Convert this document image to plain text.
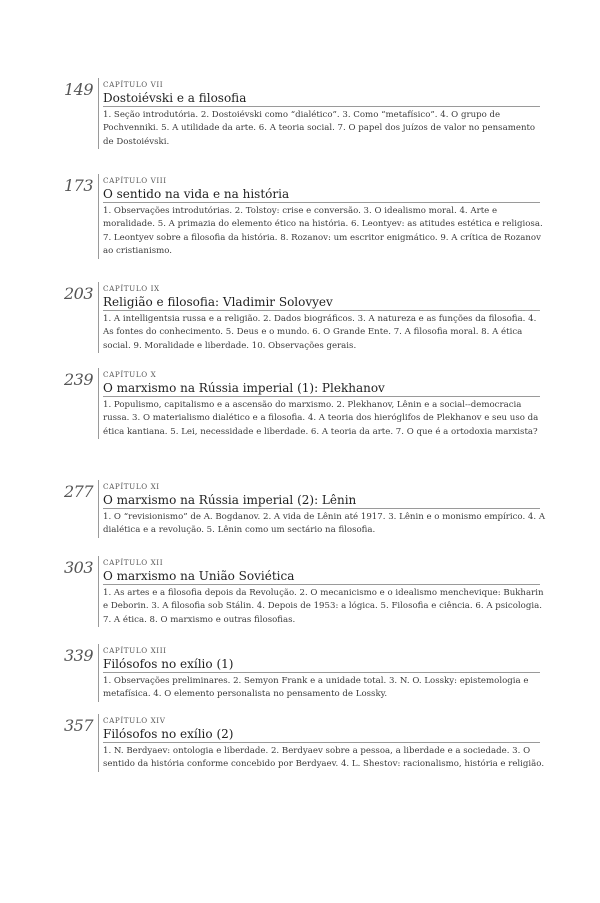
149 CAPÍTULO VII
Dostoiévski e a filosofia

1. Seção introdutória. 2. Dostoiévski como “dialético”. 3. Como “metafísico”. 4. O grupo de Pochvenniki. 5. A utilidade da arte. 6. A teoria social. 7. O papel dos juízos de valor no pensamento de Dostoiévski.

173 CAPÍTULO VIII
O sentido na vida e na história

1. Observações introdutórias. 2. Tolstoy: crise e conversão. 3. O idealismo moral. 4. Arte e moralidade. 5. A primazia do elemento ético na história. 6. Leontyev: as atitudes estética e religiosa. 7. Leontyev sobre a filosofia da história. 8. Rozanov: um escritor enigmático. 9. A crítica de Rozanov ao cristianismo.

203 CAPÍTULO IX
Religião e filosofia: Vladimir Solovyev

1. A intelligentsia russa e a religião. 2. Dados biográficos. 3. A natureza e as funções da filosofia. 4. As fontes do conhecimento. 5. Deus e o mundo. 6. O Grande Ente. 7. A filosofia moral. 8. A ética social. 9. Moralidade e liberdade. 10. Observações gerais.

239 CAPÍTULO X
O marxismo na Rússia imperial (1): Plekhanov

1. Populismo, capitalismo e a ascensão do marxismo. 2. Plekhanov, Lênin e a social--democracia russa. 3. O materialismo dialético e a filosofia. 4. A teoria dos hieróglifos de Plekhanov e seu uso da ética kantiana. 5. Lei, necessidade e liberdade. 6. A teoria da arte. 7. O que é a ortodoxia marxista?

277 CAPÍTULO XI
O marxismo na Rússia imperial (2): Lênin

1. O “revisionismo” de A. Bogdanov. 2. A vida de Lênin até 1917. 3. Lênin e o monismo empírico. 4. A dialética e a revolução. 5. Lênin como um sectário na filosofia.

303 CAPÍTULO XII
O marxismo na União Soviética

1. As artes e a filosofia depois da Revolução. 2. O mecanicismo e o idealismo menchevique: Bukharin e Deborin. 3. A filosofia sob Stálin. 4. Depois de 1953: a lógica. 5. Filosofia e ciência. 6. A psicologia. 7. A ética. 8. O marxismo e outras filosofias.

339 CAPÍTULO XIII
Filósofos no exílio (1)

1. Observações preliminares. 2. Semyon Frank e a unidade total. 3. N. O. Lossky: epistemologia e metafísica. 4. O elemento personalista no pensamento de Lossky.

357 CAPÍTULO XIV
Filósofos no exílio (2)

1. N. Berdyaev: ontologia e liberdade. 2. Berdyaev sobre a pessoa, a liberdade e a sociedade. 3. O sentido da história conforme concebido por Berdyaev. 4. L. Shestov: racionalismo, história e religião.
